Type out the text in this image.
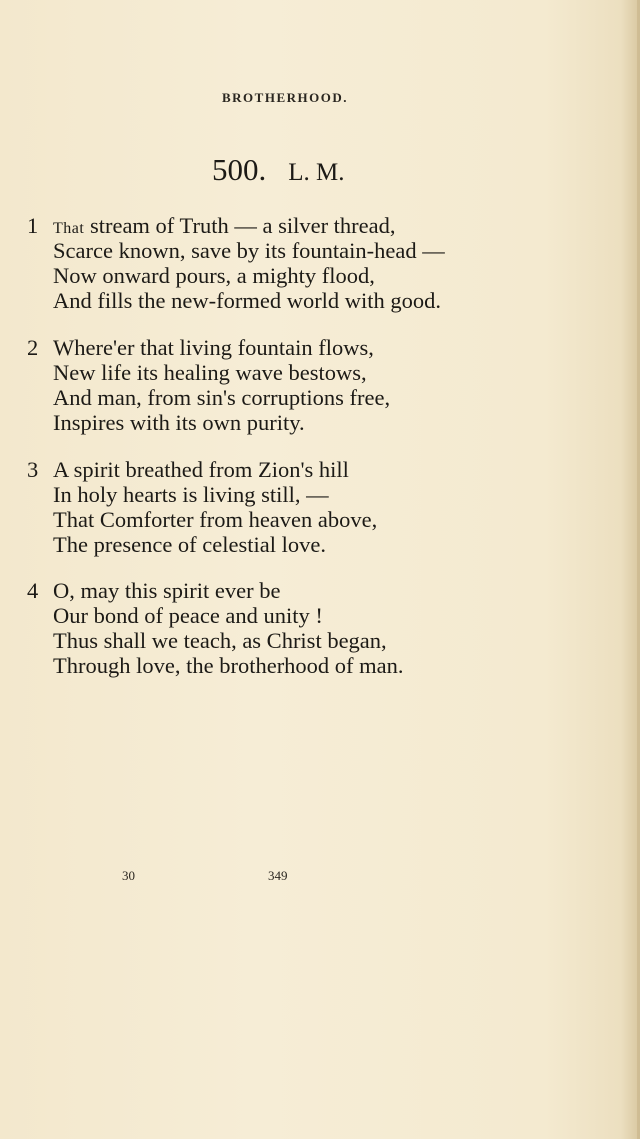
BROTHERHOOD.
500. L. M.
1 That stream of Truth — a silver thread,
Scarce known, save by its fountain-head —
Now onward pours, a mighty flood,
And fills the new-formed world with good.
2 Where'er that living fountain flows,
New life its healing wave bestows,
And man, from sin's corruptions free,
Inspires with its own purity.
3 A spirit breathed from Zion's hill
In holy hearts is living still, —
That Comforter from heaven above,
The presence of celestial love.
4 O, may this spirit ever be
Our bond of peace and unity !
Thus shall we teach, as Christ began,
Through love, the brotherhood of man.
30	349
